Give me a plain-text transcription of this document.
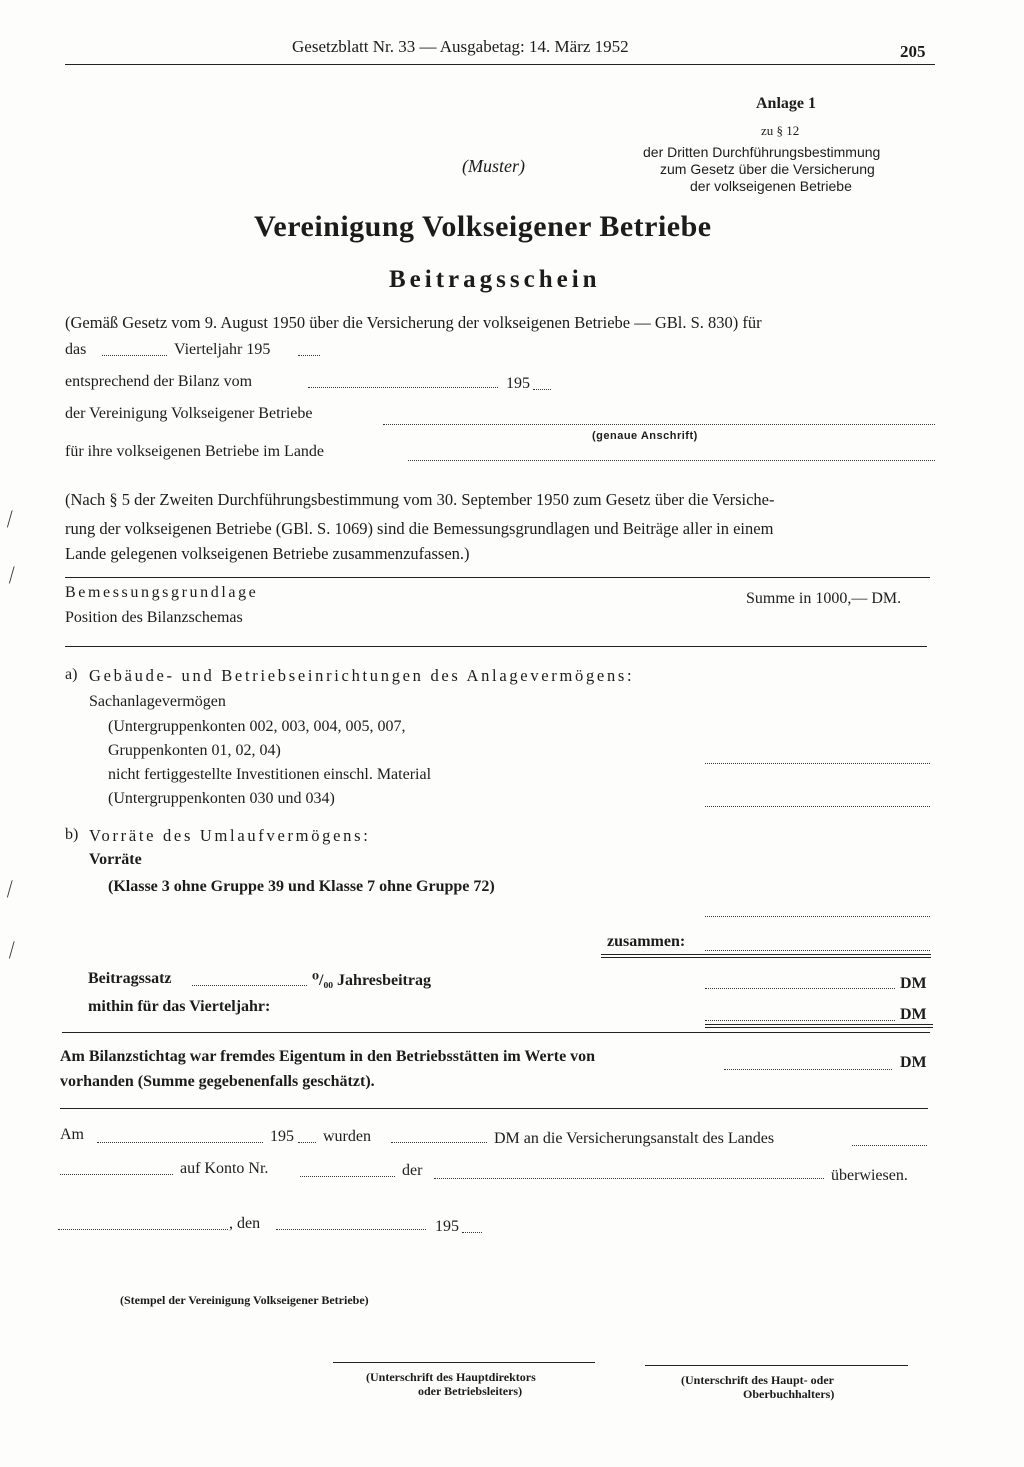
Gesetzblatt Nr. 33 — Ausgabetag: 14. März 1952	205
Anlage 1
zu § 12
der Dritten Durchführungsbestimmung
zum Gesetz über die Versicherung
der volkseigenen Betriebe
(Muster)
Vereinigung Volkseigener Betriebe
Beitragsschein
(Gemäß Gesetz vom 9. August 1950 über die Versicherung der volkseigenen Betriebe — GBl. S. 830) für
das	Vierteljahr 195
entsprechend der Bilanz vom	195
der Vereinigung Volkseigener Betriebe
(genaue Anschrift)
für ihre volkseigenen Betriebe im Lande
(Nach § 5 der Zweiten Durchführungsbestimmung vom 30. September 1950 zum Gesetz über die Versiche-
rung der volkseigenen Betriebe (GBl. S. 1069) sind die Bemessungsgrundlagen und Beiträge aller in einem
Lande gelegenen volkseigenen Betriebe zusammenzufassen.)
Bemessungsgrundlage
Position des Bilanzschemas
Summe in 1000,— DM.
a) Gebäude- und Betriebseinrichtungen des Anlagevermögens:
Sachanlagevermögen
(Untergruppenkonten 002, 003, 004, 005, 007,
Gruppenkonten 01, 02, 04)
nicht fertiggestellte Investitionen einschl. Material
(Untergruppenkonten 030 und 034)
b) Vorräte des Umlaufvermögens:
Vorräte
(Klasse 3 ohne Gruppe 39 und Klasse 7 ohne Gruppe 72)
zusammen:
Beitragssatz	⁰/₀₀ Jahresbeitrag	DM
mithin für das Vierteljahr:	DM
Am Bilanzstichtag war fremdes Eigentum in den Betriebsstätten im Werte von	DM
vorhanden (Summe gegebenenfalls geschätzt).
Am	195 wurden	DM an die Versicherungsanstalt des Landes
auf Konto Nr.	der	überwiesen.
, den	195
(Stempel der Vereinigung Volkseigener Betriebe)
(Unterschrift des Hauptdirektors
oder Betriebsleiters)
(Unterschrift des Haupt- oder
Oberbuchhalters)
⁄
⁄
⁄
⁄
